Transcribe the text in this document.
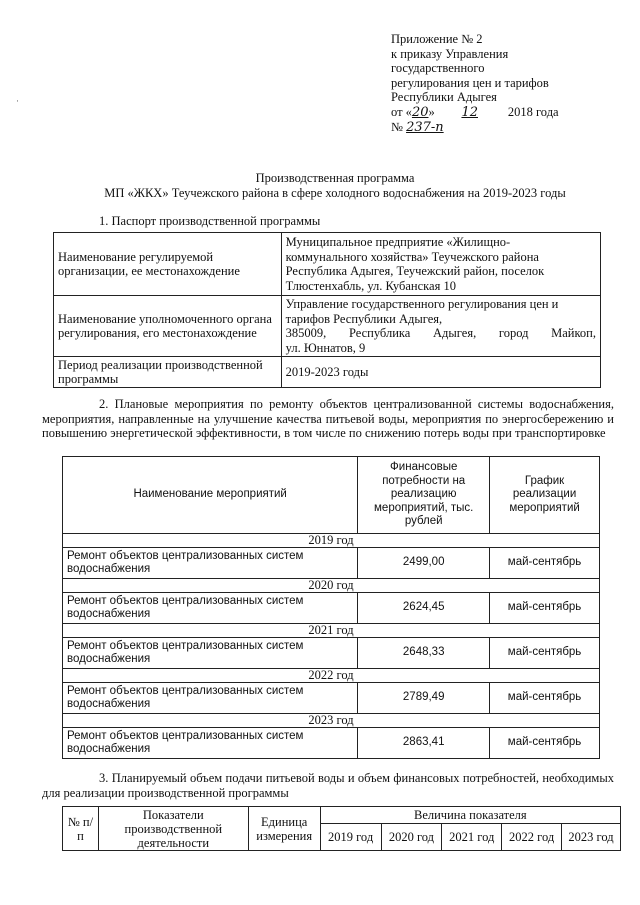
Приложение № 2
к приказу Управления
государственного
регулирования цен и тарифов
Республики Адыгея
от «20» 12 2018 года
№ 237-п
·
Производственная программа
МП «ЖКХ» Теучежского района в сфере холодного водоснабжения на 2019-2023 годы
1. Паспорт производственной программы
Наименование регулируемой организации, ее местонахождение	Муниципальное предприятие «Жилищно-
коммунального хозяйства» Теучежского района
Республика Адыгея, Теучежский район, поселок
Тлюстенхабль, ул. Кубанская 10

Наименование уполномоченного органа регулирования, его местонахождение	Управление государственного регулирования цен и
тарифов Республики Адыгея,
385009, Республика Адыгея, город Майкоп,
ул. Юннатов, 9

Период реализации производственной программы	2019-2023 годы
2. Плановые мероприятия по ремонту объектов централизованной системы водоснабжения, мероприятия, направленные на улучшение качества питьевой воды, мероприятия по энергосбережению и повышению энергетической эффективности, в том числе по снижению потерь воды при транспортировке
Наименование мероприятий	Финансовые потребности на реализацию мероприятий, тыс. рублей	График реализации мероприятий
2019 год		
Ремонт объектов централизованных систем водоснабжения	2499,00	май-сентябрь
2020 год		
Ремонт объектов централизованных систем водоснабжения	2624,45	май-сентябрь
2021 год		
Ремонт объектов централизованных систем водоснабжения	2648,33	май-сентябрь
2022 год		
Ремонт объектов централизованных систем водоснабжения	2789,49	май-сентябрь
2023 год		
Ремонт объектов централизованных систем водоснабжения	2863,41	май-сентябрь
3. Планируемый объем подачи питьевой воды и объем финансовых потребностей, необходимых для реализации производственной программы
№ п/п	Показатели производственной деятельности	Единица измерения	Величина показателя				
			2019 год	2020 год	2021 год	2022 год	2023 год
